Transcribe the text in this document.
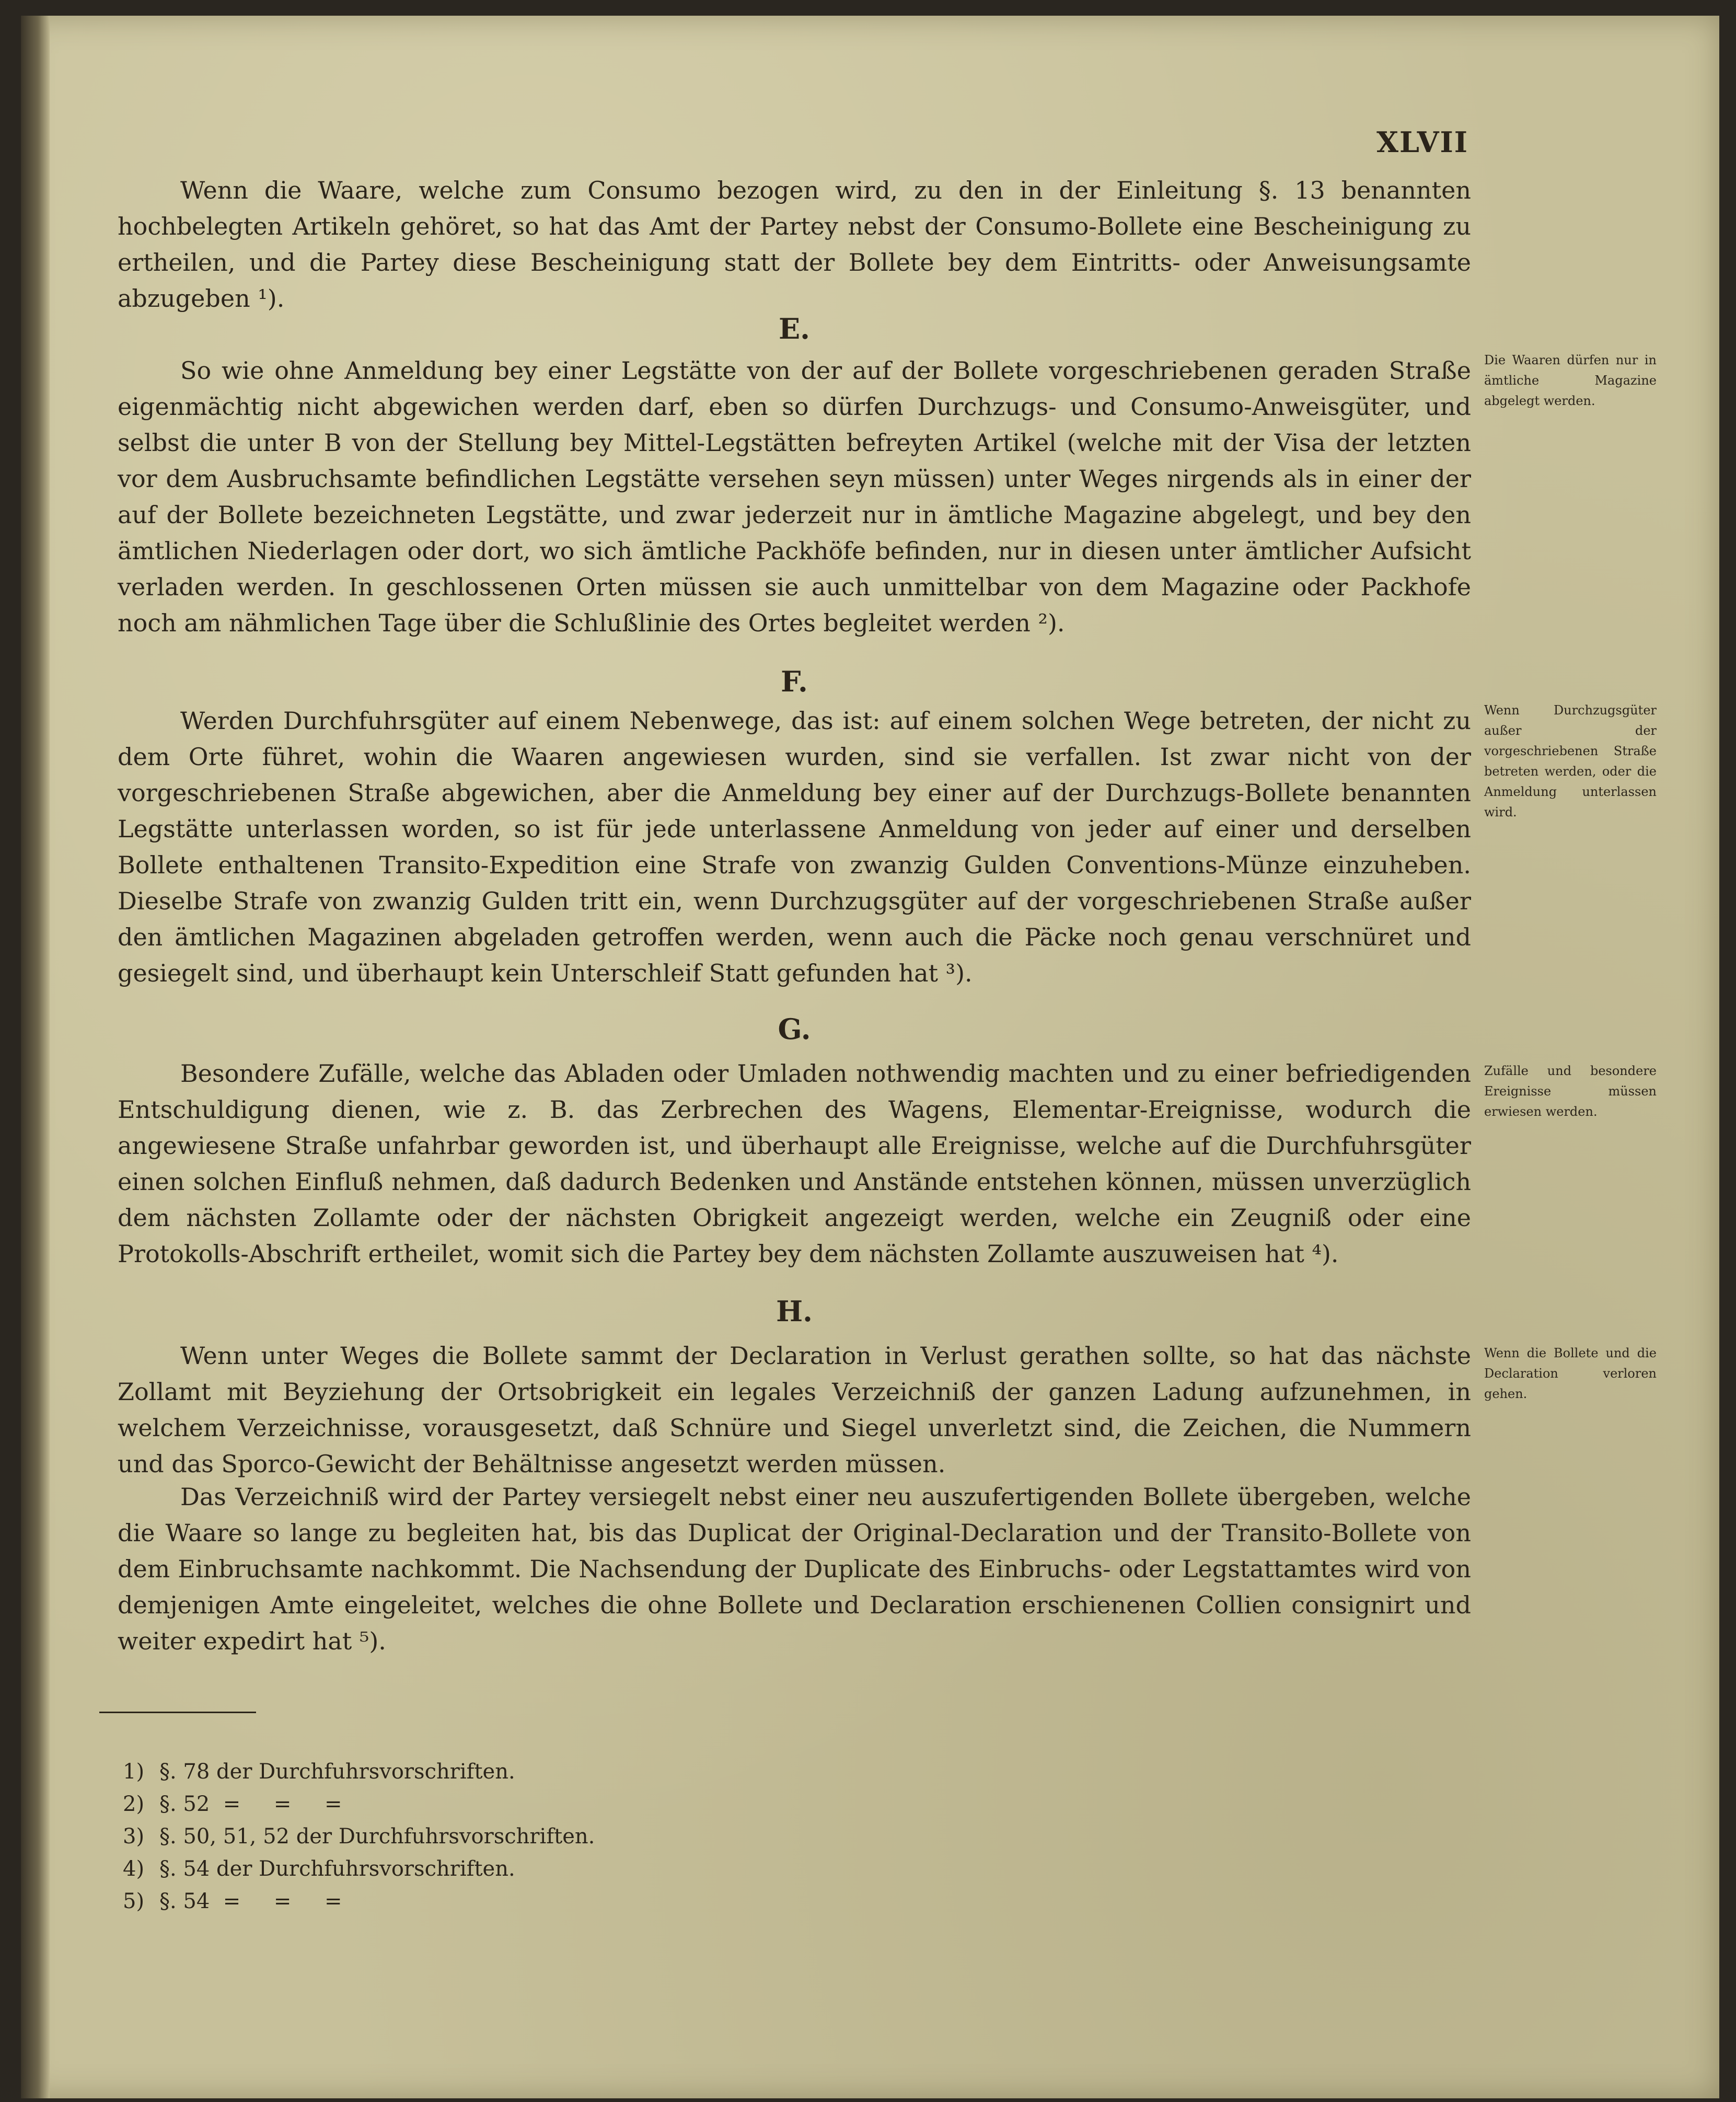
XLVII

Wenn die Waare, welche zum Consumo bezogen wird, zu den in der Einleitung §. 13 benannten hochbelegten Artikeln gehöret, so hat das Amt der Partey nebst der Consumo-Bollete eine Bescheinigung zu ertheilen, und die Partey diese Bescheinigung statt der Bollete bey dem Eintritts- oder Anweisungsamte abzugeben ¹).

E.

So wie ohne Anmeldung bey einer Legstätte von der auf der Bollete vorgeschriebenen geraden Straße eigenmächtig nicht abgewichen werden darf, eben so dürfen Durchzugs- und Consumo-Anweisgüter, und selbst die unter B von der Stellung bey Mittel-Legstätten befreyten Artikel (welche mit der Visa der letzten vor dem Ausbruchsamte befindlichen Legstätte versehen seyn müssen) unter Weges nirgends als in einer der auf der Bollete bezeichneten Legstätte, und zwar jederzeit nur in ämtliche Magazine abgelegt, und bey den ämtlichen Niederlagen oder dort, wo sich ämtliche Packhöfe befinden, nur in diesen unter ämtlicher Aufsicht verladen werden. In geschlossenen Orten müssen sie auch unmittelbar von dem Magazine oder Packhofe noch am nähmlichen Tage über die Schlußlinie des Ortes begleitet werden ²).

F.

Werden Durchfuhrsgüter auf einem Nebenwege, das ist: auf einem solchen Wege betreten, der nicht zu dem Orte führet, wohin die Waaren angewiesen wurden, sind sie verfallen. Ist zwar nicht von der vorgeschriebenen Straße abgewichen, aber die Anmeldung bey einer auf der Durchzugs-Bollete benannten Legstätte unterlassen worden, so ist für jede unterlassene Anmeldung von jeder auf einer und derselben Bollete enthaltenen Transito-Expedition eine Strafe von zwanzig Gulden Conventions-Münze einzuheben. Dieselbe Strafe von zwanzig Gulden tritt ein, wenn Durchzugsgüter auf der vorgeschriebenen Straße außer den ämtlichen Magazinen abgeladen getroffen werden, wenn auch die Päcke noch genau verschnüret und gesiegelt sind, und überhaupt kein Unterschleif Statt gefunden hat ³).

G.

Besondere Zufälle, welche das Abladen oder Umladen nothwendig machten und zu einer befriedigenden Entschuldigung dienen, wie z. B. das Zerbrechen des Wagens, Elementar-Ereignisse, wodurch die angewiesene Straße unfahrbar geworden ist, und überhaupt alle Ereignisse, welche auf die Durchfuhrsgüter einen solchen Einfluß nehmen, daß dadurch Bedenken und Anstände entstehen können, müssen unverzüglich dem nächsten Zollamte oder der nächsten Obrigkeit angezeigt werden, welche ein Zeugniß oder eine Protokolls-Abschrift ertheilet, womit sich die Partey bey dem nächsten Zollamte auszuweisen hat ⁴).

H.

Wenn unter Weges die Bollete sammt der Declaration in Verlust gerathen sollte, so hat das nächste Zollamt mit Beyziehung der Ortsobrigkeit ein legales Verzeichniß der ganzen Ladung aufzunehmen, in welchem Verzeichnisse, vorausgesetzt, daß Schnüre und Siegel unverletzt sind, die Zeichen, die Nummern und das Sporco-Gewicht der Behältnisse angesetzt werden müssen.

Das Verzeichniß wird der Partey versiegelt nebst einer neu auszufertigenden Bollete übergeben, welche die Waare so lange zu begleiten hat, bis das Duplicat der Original-Declaration und der Transito-Bollete von dem Einbruchsamte nachkommt. Die Nachsendung der Duplicate des Einbruchs- oder Legstattamtes wird von demjenigen Amte eingeleitet, welches die ohne Bollete und Declaration erschienenen Collien consignirt und weiter expedirt hat ⁵).

Die Waaren dürfen nur in ämtliche Magazine abgelegt werden.
Wenn Durchzugsgüter außer der vorgeschriebenen Straße betreten werden, oder die Anmeldung unterlassen wird.
Zufälle und besondere Ereignisse müssen erwiesen werden.
Wenn die Bollete und die Declaration verloren gehen.
1) §. 78 der Durchfuhrsvorschriften.
2) §. 52  =     =     =
3) §. 50, 51, 52 der Durchfuhrsvorschriften.
4) §. 54 der Durchfuhrsvorschriften.
5) §. 54  =     =     =
